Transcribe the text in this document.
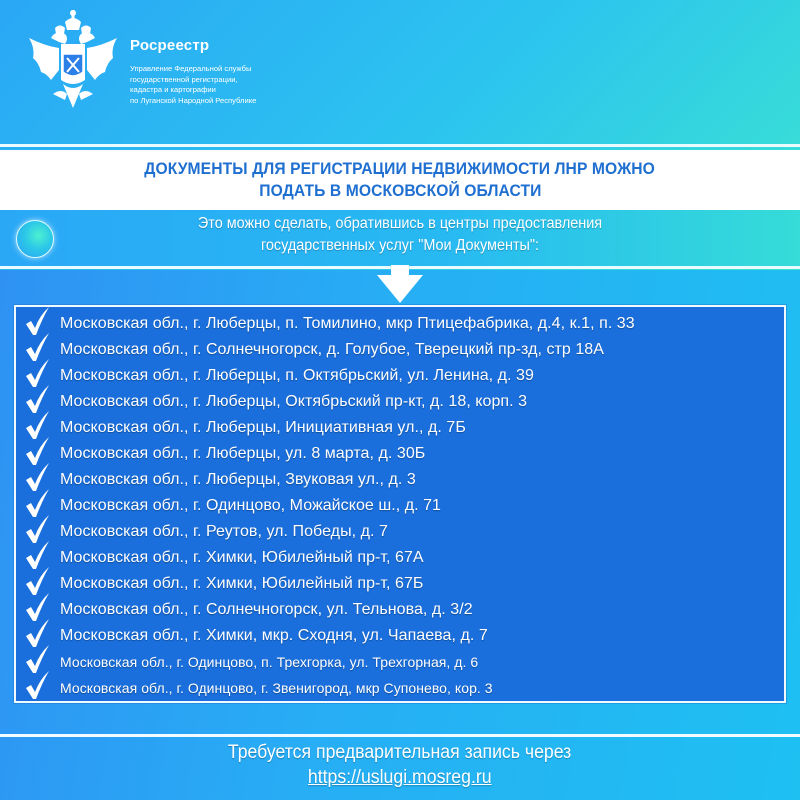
Росреестр
Управление Федеральной службы
государственной регистрации,
кадастра и картографии
по Луганской Народной Республике
ДОКУМЕНТЫ ДЛЯ РЕГИСТРАЦИИ НЕДВИЖИМОСТИ ЛНР МОЖНО
ПОДАТЬ В МОСКОВСКОЙ ОБЛАСТИ
Это можно сделать, обратившись в центры предоставления
государственных услуг "Мои Документы":
Московская обл., г. Люберцы, п. Томилино, мкр Птицефабрика, д.4, к.1, п. 33
Московская обл., г. Солнечногорск, д. Голубое, Тверецкий пр-зд, стр 18А
Московская обл., г. Люберцы, п. Октябрьский, ул. Ленина, д. 39
Московская обл., г. Люберцы, Октябрьский пр-кт, д. 18, корп. 3
Московская обл., г. Люберцы, Инициативная ул., д. 7Б
Московская обл., г. Люберцы, ул. 8 марта, д. 30Б
Московская обл., г. Люберцы, Звуковая ул., д. 3
Московская обл., г. Одинцово, Можайское ш., д. 71
Московская обл., г. Реутов, ул. Победы, д. 7
Московская обл., г. Химки, Юбилейный пр-т, 67А
Московская обл., г. Химки, Юбилейный пр-т, 67Б
Московская обл., г. Солнечногорск, ул. Тельнова, д. 3/2
Московская обл., г. Химки, мкр. Сходня, ул. Чапаева, д. 7
Московская обл., г. Одинцово, п. Трехгорка, ул. Трехгорная, д. 6
Московская обл., г. Одинцово, г. Звенигород, мкр Супонево, кор. 3
Требуется предварительная запись через
https://uslugi.mosreg.ru
